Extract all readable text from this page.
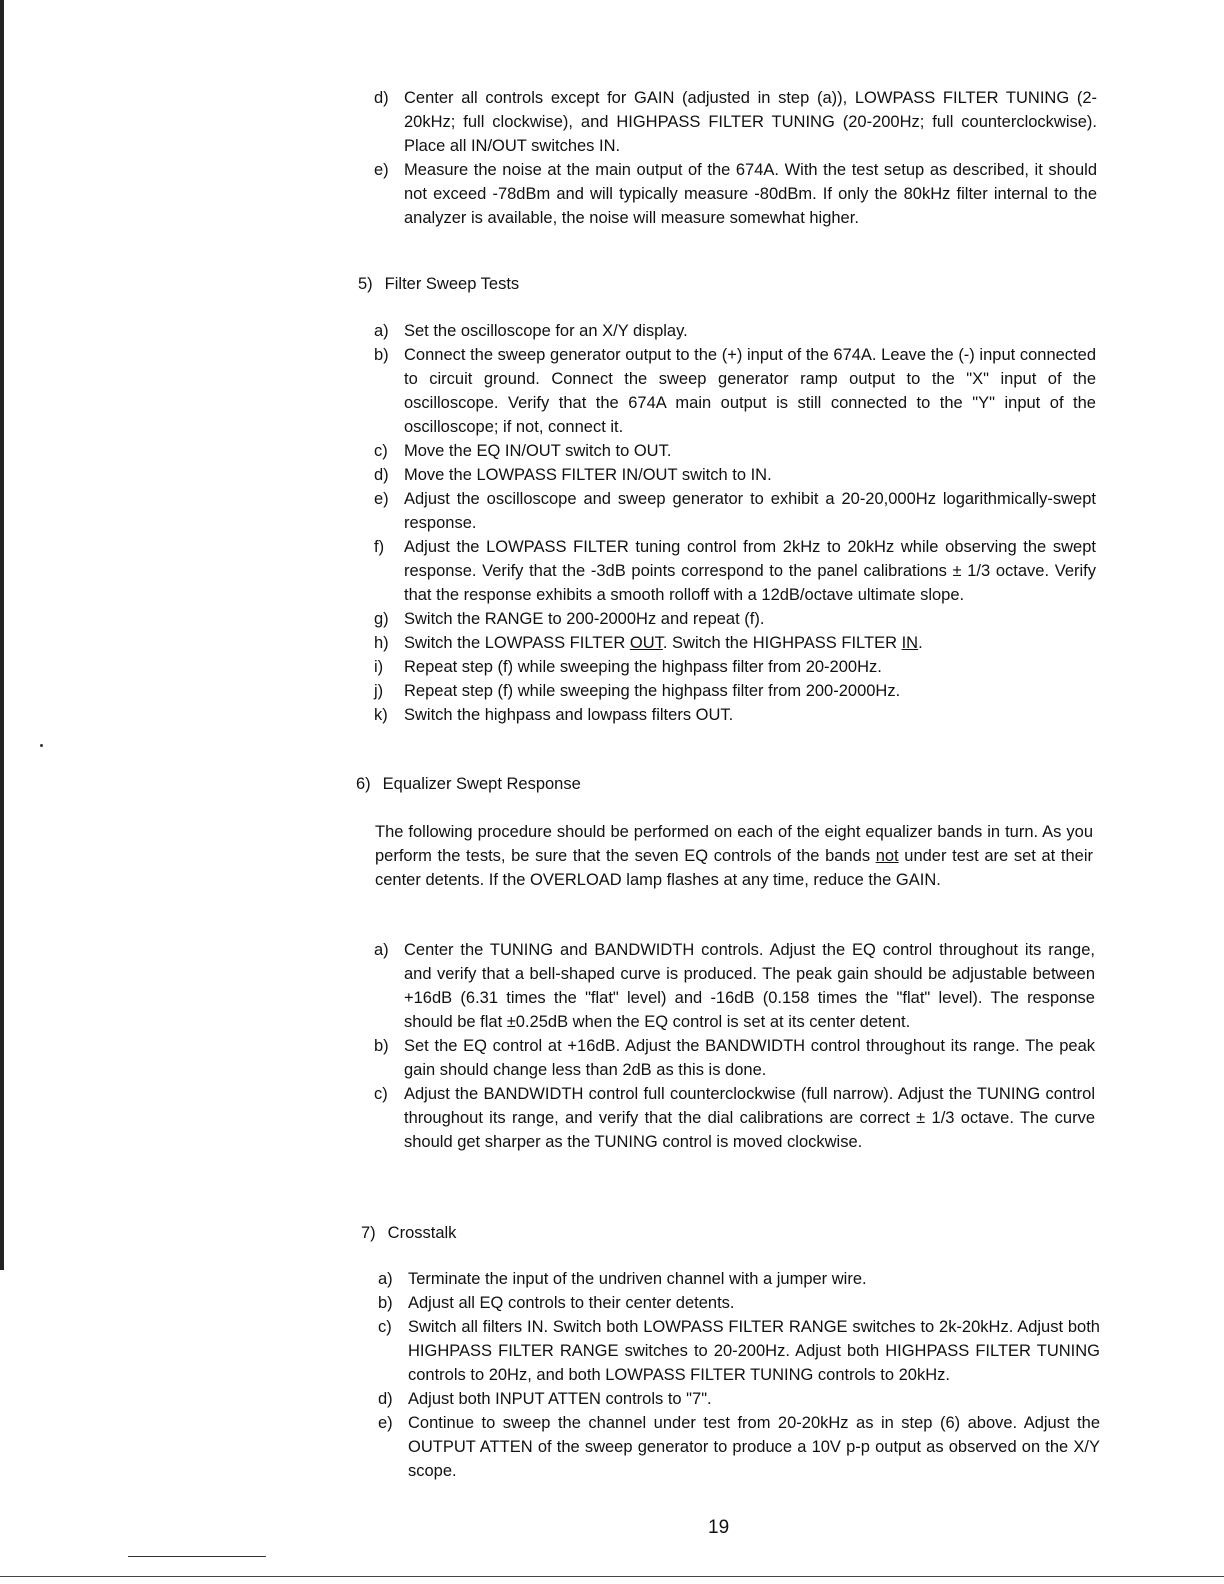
d) Center all controls except for GAIN (adjusted in step (a)), LOWPASS FILTER TUNING (2-20kHz; full clockwise), and HIGHPASS FILTER TUNING (20-200Hz; full counterclockwise). Place all IN/OUT switches IN.
e) Measure the noise at the main output of the 674A. With the test setup as described, it should not exceed -78dBm and will typically measure -80dBm. If only the 80kHz filter internal to the analyzer is available, the noise will measure somewhat higher.
5) Filter Sweep Tests
a) Set the oscilloscope for an X/Y display.
b) Connect the sweep generator output to the (+) input of the 674A. Leave the (-) input connected to circuit ground. Connect the sweep generator ramp output to the "X" input of the oscilloscope. Verify that the 674A main output is still connected to the "Y" input of the oscilloscope; if not, connect it.
c) Move the EQ IN/OUT switch to OUT.
d) Move the LOWPASS FILTER IN/OUT switch to IN.
e) Adjust the oscilloscope and sweep generator to exhibit a 20-20,000Hz logarithmically-swept response.
f) Adjust the LOWPASS FILTER tuning control from 2kHz to 20kHz while observing the swept response. Verify that the -3dB points correspond to the panel calibrations ± 1/3 octave. Verify that the response exhibits a smooth rolloff with a 12dB/octave ultimate slope.
g) Switch the RANGE to 200-2000Hz and repeat (f).
h) Switch the LOWPASS FILTER OUT. Switch the HIGHPASS FILTER IN.
i) Repeat step (f) while sweeping the highpass filter from 20-200Hz.
j) Repeat step (f) while sweeping the highpass filter from 200-2000Hz.
k) Switch the highpass and lowpass filters OUT.
6) Equalizer Swept Response

The following procedure should be performed on each of the eight equalizer bands in turn. As you perform the tests, be sure that the seven EQ controls of the bands not under test are set at their center detents. If the OVERLOAD lamp flashes at any time, reduce the GAIN.

a) Center the TUNING and BANDWIDTH controls. Adjust the EQ control throughout its range, and verify that a bell-shaped curve is produced. The peak gain should be adjustable between +16dB (6.31 times the "flat" level) and -16dB (0.158 times the "flat" level). The response should be flat ±0.25dB when the EQ control is set at its center detent.
b) Set the EQ control at +16dB. Adjust the BANDWIDTH control throughout its range. The peak gain should change less than 2dB as this is done.
c) Adjust the BANDWIDTH control full counterclockwise (full narrow). Adjust the TUNING control throughout its range, and verify that the dial calibrations are correct ± 1/3 octave. The curve should get sharper as the TUNING control is moved clockwise.
7) Crosstalk
a) Terminate the input of the undriven channel with a jumper wire.
b) Adjust all EQ controls to their center detents.
c) Switch all filters IN. Switch both LOWPASS FILTER RANGE switches to 2k-20kHz. Adjust both HIGHPASS FILTER RANGE switches to 20-200Hz. Adjust both HIGHPASS FILTER TUNING controls to 20Hz, and both LOWPASS FILTER TUNING controls to 20kHz.
d) Adjust both INPUT ATTEN controls to "7".
e) Continue to sweep the channel under test from 20-20kHz as in step (6) above. Adjust the OUTPUT ATTEN of the sweep generator to produce a 10V p-p output as observed on the X/Y scope.

19
